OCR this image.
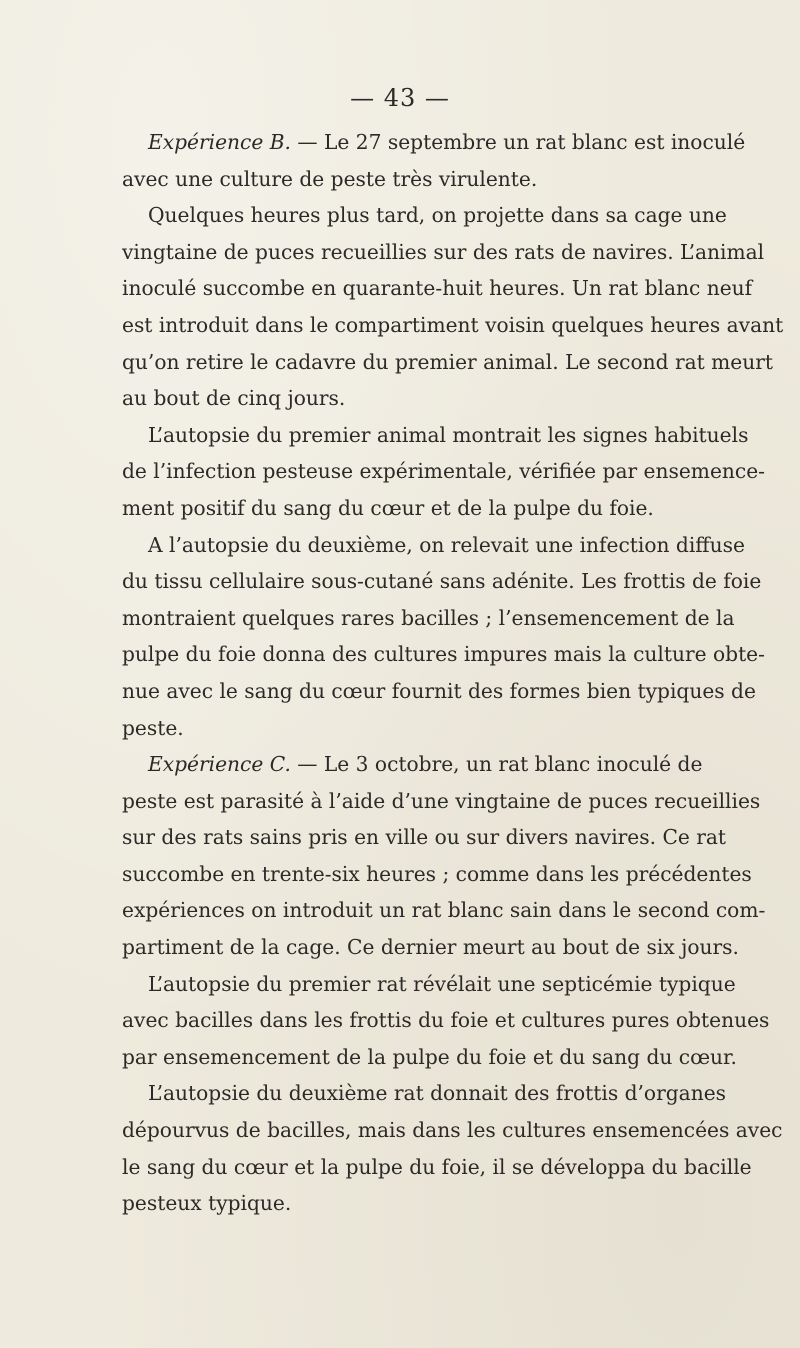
— 43 —
Expérience B. — Le 27 septembre un rat blanc est inoculé
avec une culture de peste très virulente.
Quelques heures plus tard, on projette dans sa cage une
vingtaine de puces recueillies sur des rats de navires. L’animal
inoculé succombe en quarante-huit heures. Un rat blanc neuf
est introduit dans le compartiment voisin quelques heures avant
qu’on retire le cadavre du premier animal. Le second rat meurt
au bout de cinq jours.
L’autopsie du premier animal montrait les signes habituels
de l’infection pesteuse expérimentale, vérifiée par ensemence-
ment positif du sang du cœur et de la pulpe du foie.
A l’autopsie du deuxième, on relevait une infection diffuse
du tissu cellulaire sous-cutané sans adénite. Les frottis de foie
montraient quelques rares bacilles ; l’ensemencement de la
pulpe du foie donna des cultures impures mais la culture obte-
nue avec le sang du cœur fournit des formes bien typiques de
peste.
Expérience C. — Le 3 octobre, un rat blanc inoculé de
peste est parasité à l’aide d’une vingtaine de puces recueillies
sur des rats sains pris en ville ou sur divers navires. Ce rat
succombe en trente-six heures ; comme dans les précédentes
expériences on introduit un rat blanc sain dans le second com-
partiment de la cage. Ce dernier meurt au bout de six jours.
L’autopsie du premier rat révélait une septicémie typique
avec bacilles dans les frottis du foie et cultures pures obtenues
par ensemencement de la pulpe du foie et du sang du cœur.
L’autopsie du deuxième rat donnait des frottis d’organes
dépourvus de bacilles, mais dans les cultures ensemencées avec
le sang du cœur et la pulpe du foie, il se développa du bacille
pesteux typique.
